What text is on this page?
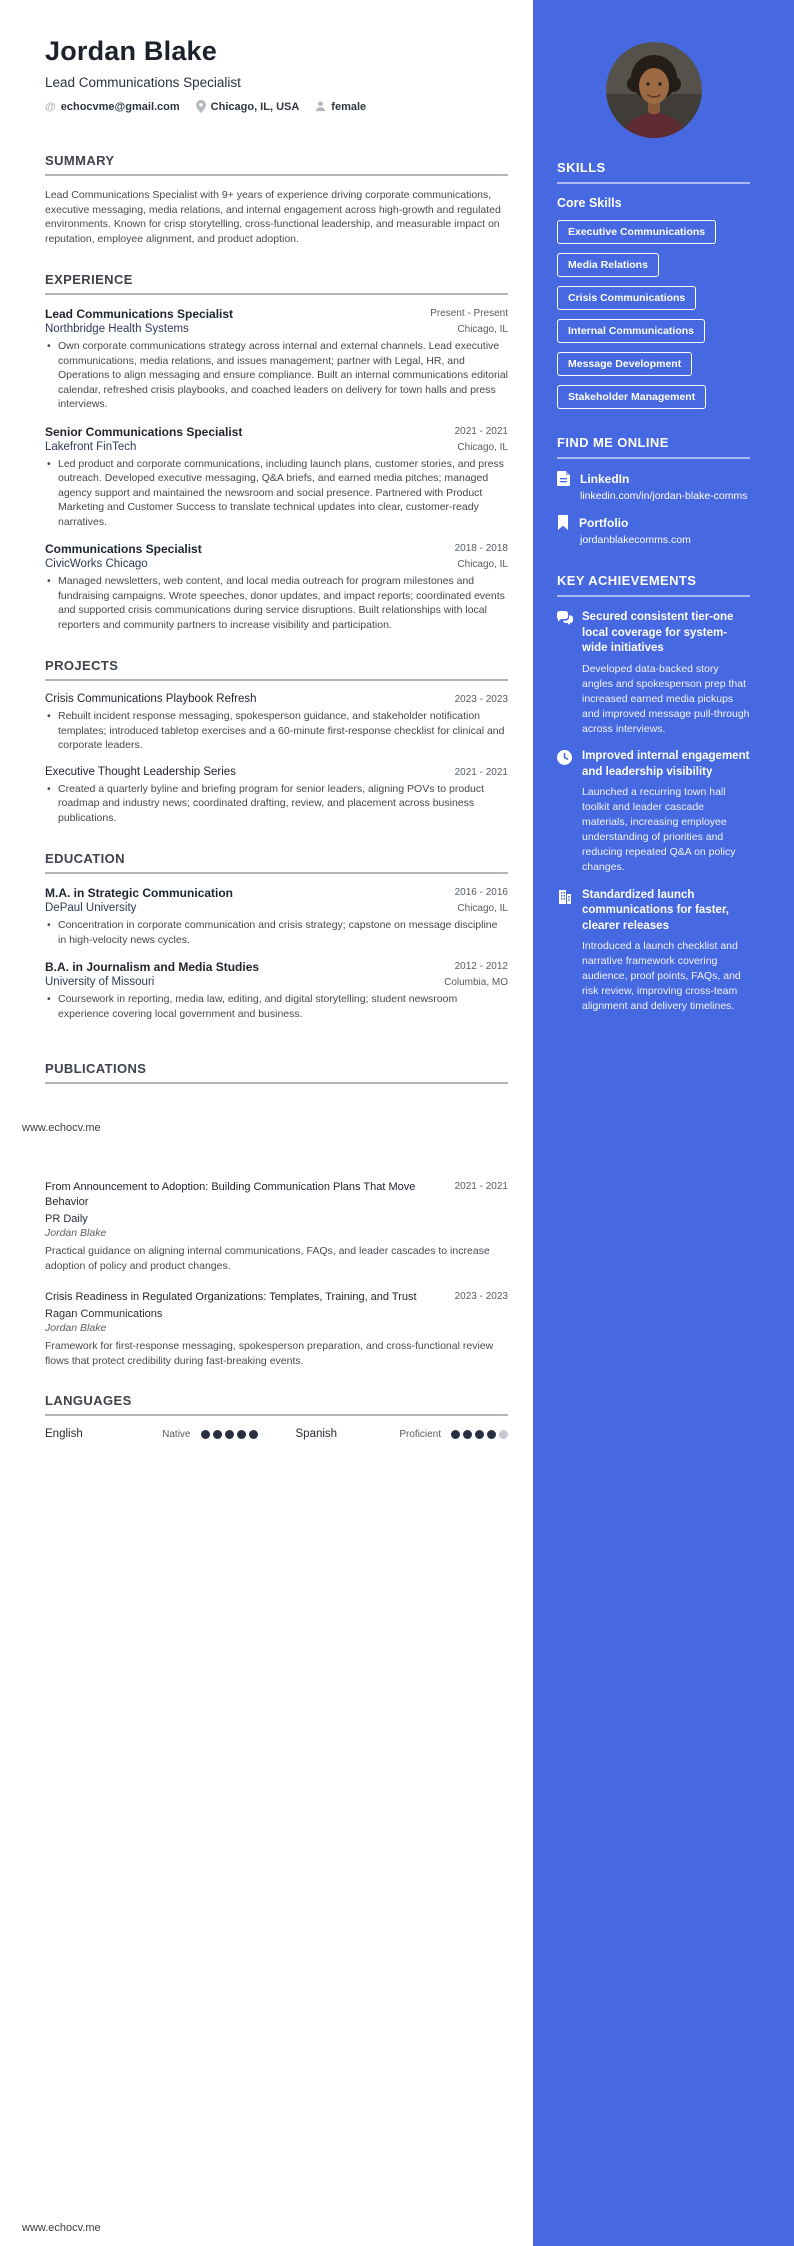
Jordan Blake
Lead Communications Specialist
@ echocvme@gmail.com	Chicago, IL, USA	female
SUMMARY
Lead Communications Specialist with 9+ years of experience driving corporate communications, executive messaging, media relations, and internal engagement across high-growth and regulated environments. Known for crisp storytelling, cross-functional leadership, and measurable impact on reputation, employee alignment, and product adoption.
EXPERIENCE
Lead Communications Specialist	Present - Present
Northbridge Health Systems	Chicago, IL
• Own corporate communications strategy across internal and external channels. Lead executive communications, media relations, and issues management; partner with Legal, HR, and Operations to align messaging and ensure compliance. Built an internal communications editorial calendar, refreshed crisis playbooks, and coached leaders on delivery for town halls and press interviews.
Senior Communications Specialist	2021 - 2021
Lakefront FinTech	Chicago, IL
• Led product and corporate communications, including launch plans, customer stories, and press outreach. Developed executive messaging, Q&A briefs, and earned media pitches; managed agency support and maintained the newsroom and social presence. Partnered with Product Marketing and Customer Success to translate technical updates into clear, customer-ready narratives.
Communications Specialist	2018 - 2018
CivicWorks Chicago	Chicago, IL
• Managed newsletters, web content, and local media outreach for program milestones and fundraising campaigns. Wrote speeches, donor updates, and impact reports; coordinated events and supported crisis communications during service disruptions. Built relationships with local reporters and community partners to increase visibility and participation.
PROJECTS
Crisis Communications Playbook Refresh	2023 - 2023
• Rebuilt incident response messaging, spokesperson guidance, and stakeholder notification templates; introduced tabletop exercises and a 60-minute first-response checklist for clinical and corporate leaders.
Executive Thought Leadership Series	2021 - 2021
• Created a quarterly byline and briefing program for senior leaders, aligning POVs to product roadmap and industry news; coordinated drafting, review, and placement across business publications.
EDUCATION
M.A. in Strategic Communication	2016 - 2016
DePaul University	Chicago, IL
• Concentration in corporate communication and crisis strategy; capstone on message discipline in high-velocity news cycles.
B.A. in Journalism and Media Studies	2012 - 2012
University of Missouri	Columbia, MO
• Coursework in reporting, media law, editing, and digital storytelling; student newsroom experience covering local government and business.
PUBLICATIONS
www.echocv.me
From Announcement to Adoption: Building Communication Plans That Move Behavior
2021 - 2021
PR Daily
Jordan Blake
Practical guidance on aligning internal communications, FAQs, and leader cascades to increase adoption of policy and product changes.
Crisis Readiness in Regulated Organizations: Templates, Training, and Trust	2023 - 2023
Ragan Communications
Jordan Blake
Framework for first-response messaging, spokesperson preparation, and cross-functional review flows that protect credibility during fast-breaking events.
LANGUAGES
English	Native	Spanish	Proficient
SKILLS
Core Skills
Executive Communications
Media Relations
Crisis Communications
Internal Communications
Message Development
Stakeholder Management
FIND ME ONLINE
LinkedIn
linkedin.com/in/jordan-blake-comms
Portfolio
jordanblakecomms.com
KEY ACHIEVEMENTS
Secured consistent tier-one local coverage for system-wide initiatives
Developed data-backed story angles and spokesperson prep that increased earned media pickups and improved message pull-through across interviews.
Improved internal engagement and leadership visibility
Launched a recurring town hall toolkit and leader cascade materials, increasing employee understanding of priorities and reducing repeated Q&A on policy changes.
Standardized launch communications for faster, clearer releases
Introduced a launch checklist and narrative framework covering audience, proof points, FAQs, and risk review, improving cross-team alignment and delivery timelines.
www.echocv.me
